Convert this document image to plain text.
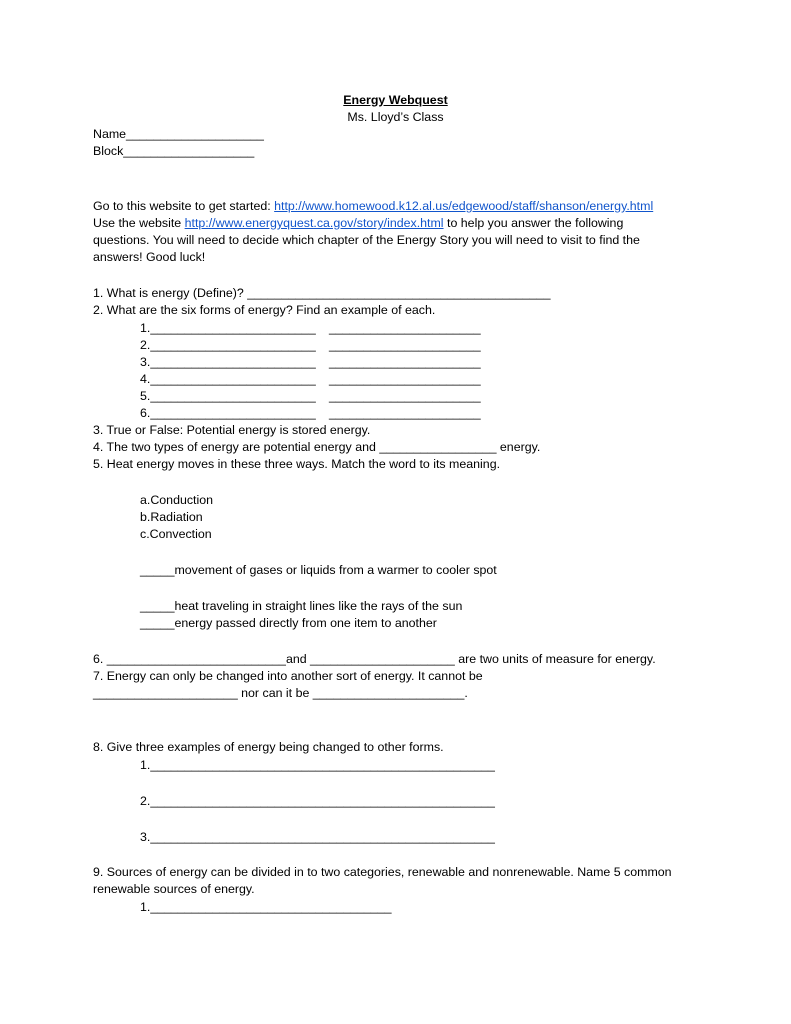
Energy Webquest
Ms. Lloyd’s Class
Name____________________
Block___________________
Go to this website to get started: http://www.homewood.k12.al.us/edgewood/staff/shanson/energy.html
Use the website http://www.energyquest.ca.gov/story/index.html to help you answer the following
questions. You will need to decide which chapter of the Energy Story you will need to visit to find the
answers! Good luck!
1. What is energy (Define)? ____________________________________________
2. What are the six forms of energy? Find an example of each.
1.________________________ ______________________
2.________________________ ______________________
3.________________________ ______________________
4.________________________ ______________________
5.________________________ ______________________
6.________________________ ______________________
3. True or False: Potential energy is stored energy.
4. The two types of energy are potential energy and _________________ energy.
5. Heat energy moves in these three ways. Match the word to its meaning.
a.Conduction
b.Radiation
c.Convection
_____movement of gases or liquids from a warmer to cooler spot
_____heat traveling in straight lines like the rays of the sun
_____energy passed directly from one item to another
6. __________________________and _____________________ are two units of measure for energy.
7. Energy can only be changed into another sort of energy. It cannot be
_____________________ nor can it be ______________________.
8. Give three examples of energy being changed to other forms.
1.__________________________________________________
2.__________________________________________________
3.__________________________________________________
9. Sources of energy can be divided in to two categories, renewable and nonrenewable. Name 5 common
renewable sources of energy.
1.___________________________________
